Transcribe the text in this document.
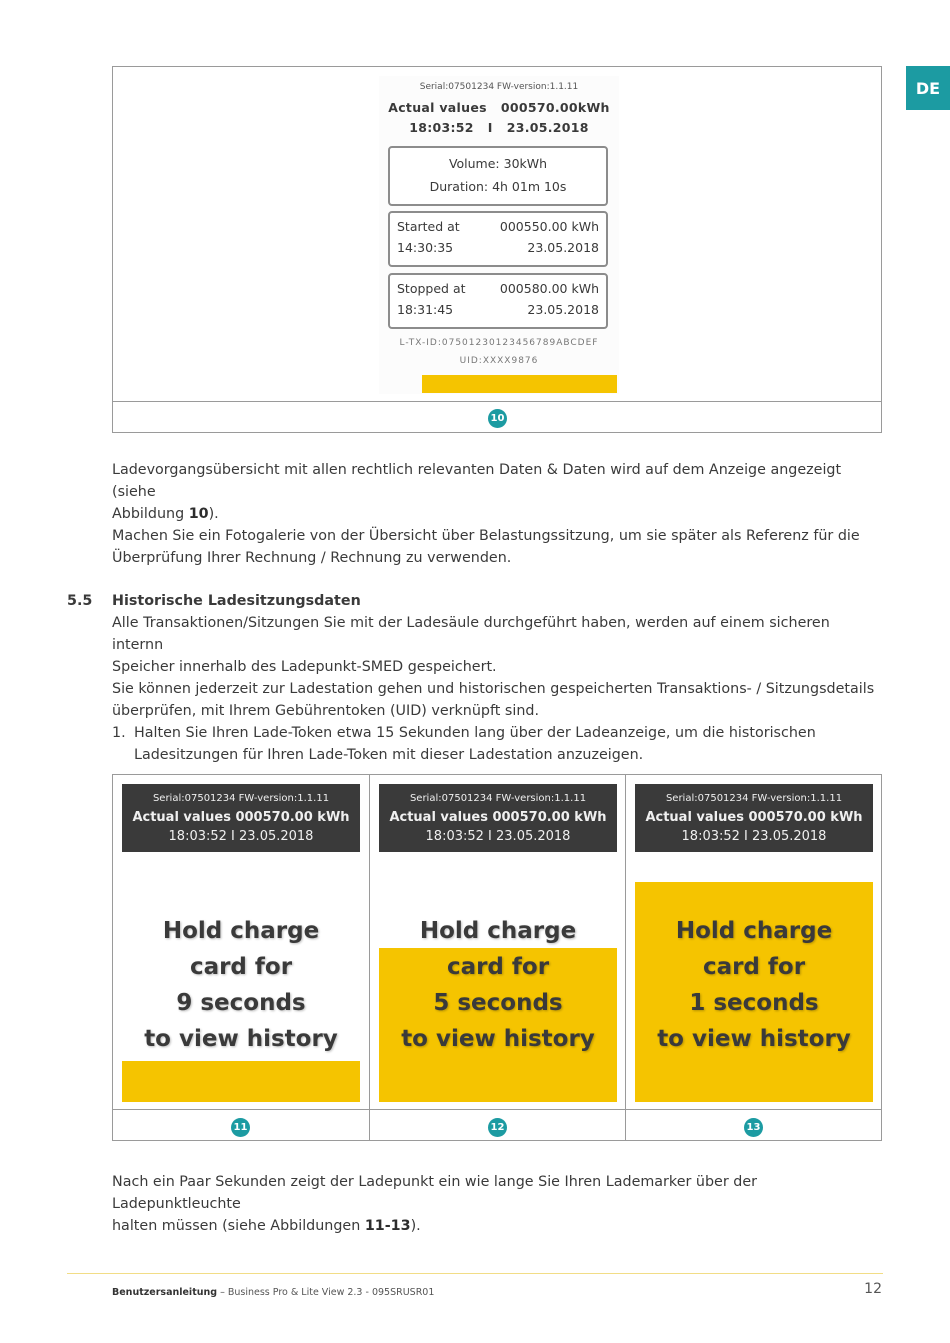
DE
Serial:07501234 FW-version:1.1.11
Actual values 000570.00kWh
18:03:52 I 23.05.2018
Volume: 30kWh
Duration: 4h 01m 10s
Started at	000550.00 kWh
14:30:35	23.05.2018
Stopped at	000580.00 kWh
18:31:45	23.05.2018
L-TX-ID:07501230123456789ABCDEF
UID:XXXX9876
10
Ladevorgangsübersicht mit allen rechtlich relevanten Daten & Daten wird auf dem Anzeige angezeigt (siehe
Abbildung 10).
Machen Sie ein Fotogalerie von der Übersicht über Belastungssitzung, um sie später als Referenz für die
Überprüfung Ihrer Rechnung / Rechnung zu verwenden.
5.5 Historische Ladesitzungsdaten
Alle Transaktionen/Sitzungen Sie mit der Ladesäule durchgeführt haben, werden auf einem sicheren internn
Speicher innerhalb des Ladepunkt-SMED gespeichert.
Sie können jederzeit zur Ladestation gehen und historischen gespeicherten Transaktions- / Sitzungsdetails
überprüfen, mit Ihrem Gebührentoken (UID) verknüpft sind.
1. Halten Sie Ihren Lade-Token etwa 15 Sekunden lang über der Ladeanzeige, um die historischen
Ladesitzungen für Ihren Lade-Token mit dieser Ladestation anzuzeigen.
Serial:07501234 FW-version:1.1.11
Actual values 000570.00 kWh
18:03:52 I 23.05.2018
Hold charge
card for
9 seconds
to view history
Serial:07501234 FW-version:1.1.11
Actual values 000570.00 kWh
18:03:52 I 23.05.2018
Hold charge
card for
5 seconds
to view history
Serial:07501234 FW-version:1.1.11
Actual values 000570.00 kWh
18:03:52 I 23.05.2018
Hold charge
card for
1 seconds
to view history
11	12	13
Nach ein Paar Sekunden zeigt der Ladepunkt ein wie lange Sie Ihren Lademarker über der Ladepunktleuchte
halten müssen (siehe Abbildungen 11-13).
Benutzersanleitung – Business Pro & Lite View 2.3 - 095SRUSR01	12
